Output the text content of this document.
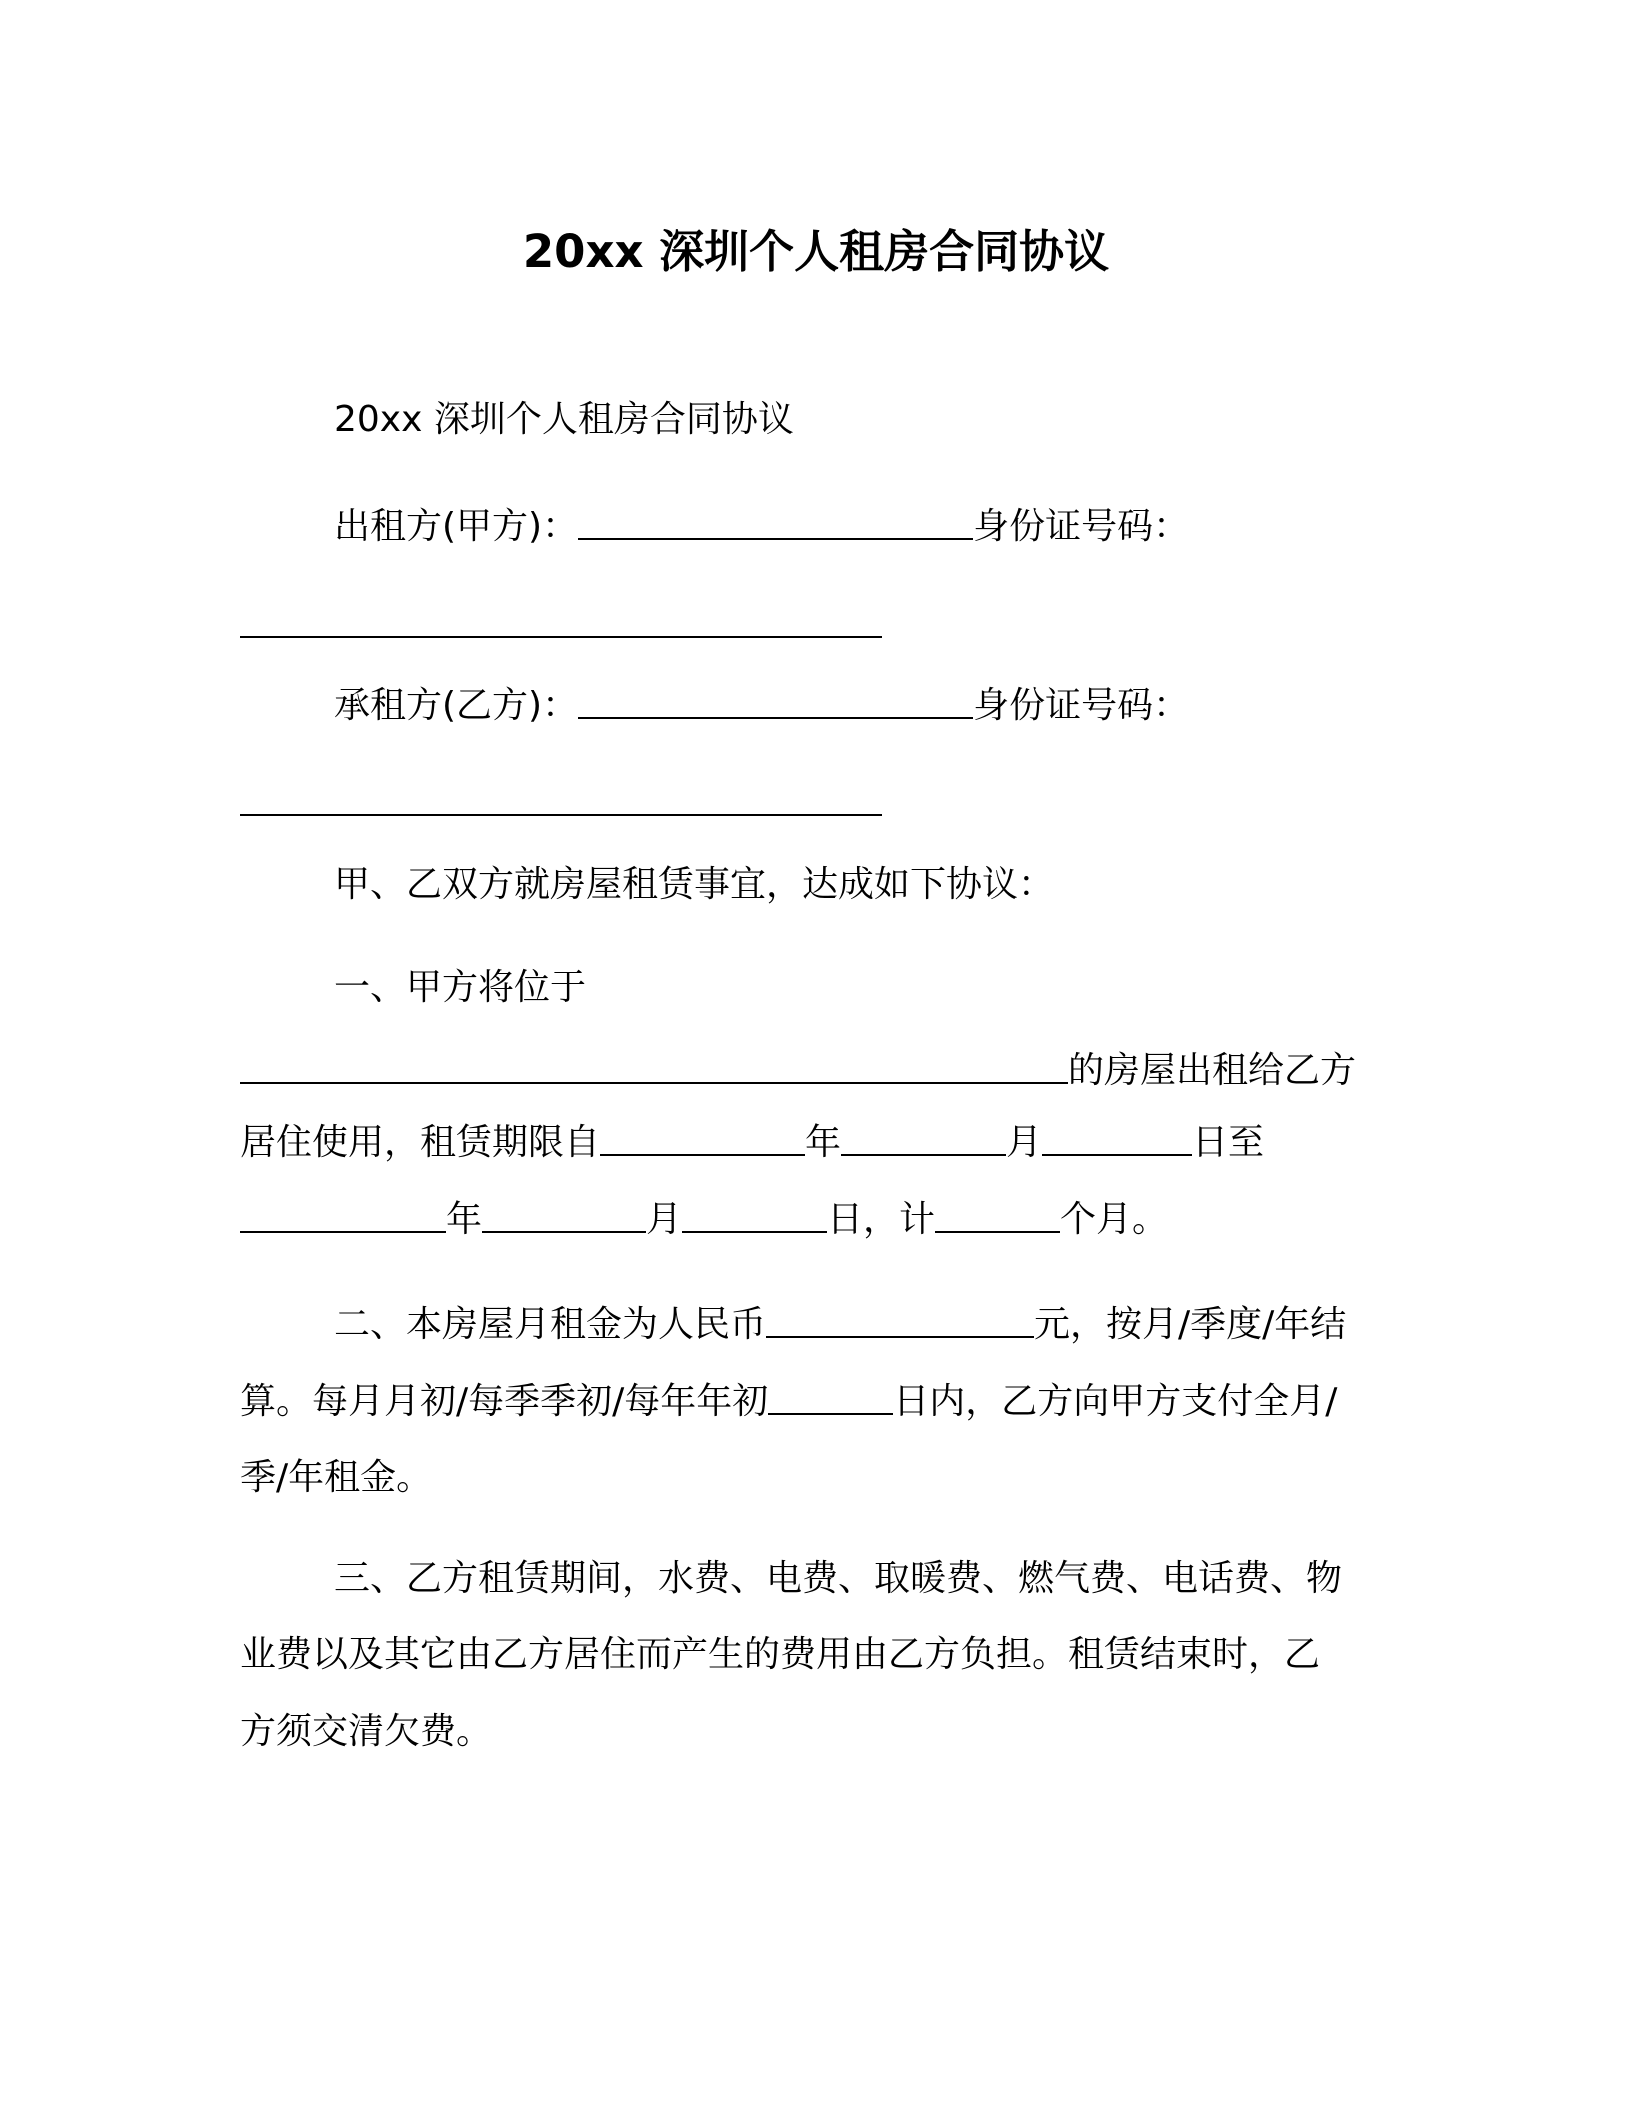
20xx 深圳个人租房合同协议
20xx 深圳个人租房合同协议
出租方(甲方)：	身份证号码：
承租方(乙方)：	身份证号码：
甲、乙双方就房屋租赁事宜，达成如下协议：
一、甲方将位于
的房屋出租给乙方
居住使用，租赁期限自	年	月	日至
年	月	日，计	个月。
二、本房屋月租金为人民币	元，按月/季度/年结
算。每月月初/每季季初/每年年初	日内，乙方向甲方支付全月/
季/年租金。
三、乙方租赁期间，水费、电费、取暖费、燃气费、电话费、物
业费以及其它由乙方居住而产生的费用由乙方负担。租赁结束时，乙
方须交清欠费。
